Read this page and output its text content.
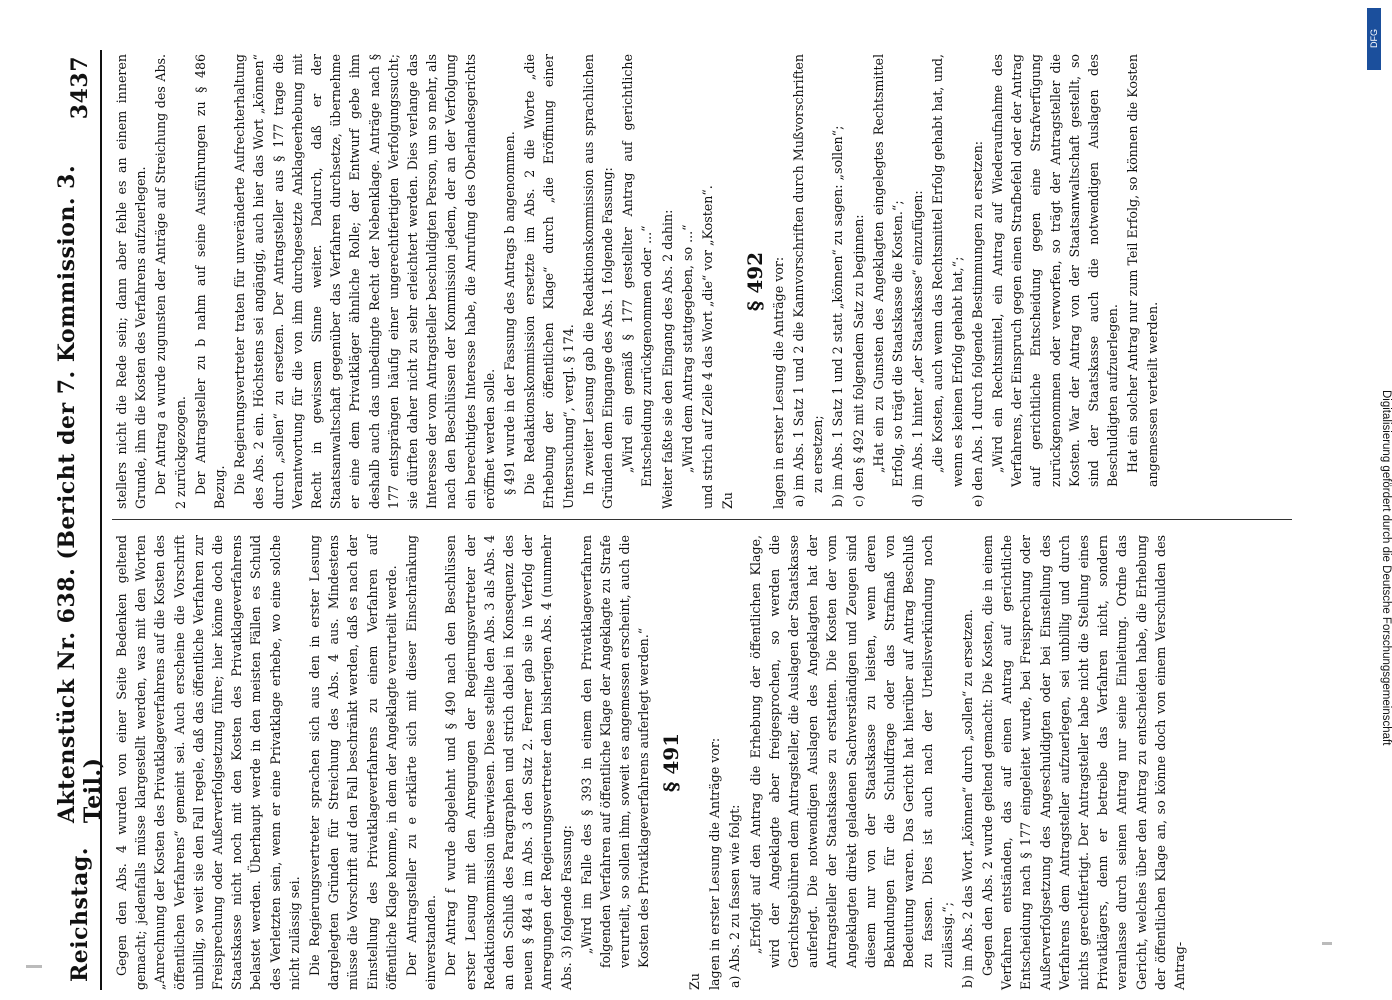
Reichstag.
Aktenstück Nr. 638. (Bericht der 7. Kommission. 3. Teil.)
3437

Gegen den Abs. 4 wurden von einer Seite Bedenken geltend gemacht; jedenfalls müsse klargestellt werden, was mit den Worten „Anrechnung der Kosten des Privatklageverfahrens auf die Kosten des öffentlichen Verfahrens“ gemeint sei. Auch erscheine die Vorschrift unbillig, so weit sie den Fall regele, daß das öffentliche Verfahren zur Freisprechung oder Außerverfolgsetzung führe; hier könne doch die Staatskasse nicht noch mit den Kosten des Privatklageverfahrens belastet werden. Überhaupt werde in den meisten Fällen es Schuld des Verletzten sein, wenn er eine Privatklage erhebe, wo eine solche nicht zulässig sei. Die Regierungsvertreter sprachen sich aus den in erster Lesung dargelegten Gründen für Streichung des Abs. 4 aus. Mindestens müsse die Vorschrift auf den Fall beschränkt werden, daß es nach der Einstellung des Privatklageverfahrens zu einem Verfahren auf öffentliche Klage komme, in dem der Angeklagte verurteilt werde. Der Antragsteller zu e erklärte sich mit dieser Einschränkung einverstanden. Der Antrag f wurde abgelehnt und § 490 nach den Beschlüssen erster Lesung mit den Anregungen der Regierungsvertreter der Redaktionskommission überwiesen. Diese stellte den Abs. 3 als Abs. 4 an den Schluß des Paragraphen und strich dabei in Konsequenz des neuen § 484 a im Abs. 3 den Satz 2. Ferner gab sie in Verfolg der Anregungen der Regierungsvertreter dem bisherigen Abs. 4 (nunmehr Abs. 3) folgende Fassung: „Wird im Falle des § 393 in einem den Privatklageverfahren folgenden Verfahren auf öffentliche Klage der Angeklagte zu Strafe verurteilt, so sollen ihm, soweit es angemessen erscheint, auch die Kosten des Privatklageverfahrens auferlegt werden.“ § 491

Zu lagen in erster Lesung die Anträge vor: a) Abs. 2 zu fassen wie folgt: „Erfolgt auf den Antrag die Erhebung der öffentlichen Klage, wird der Angeklagte aber freigesprochen, so werden die Gerichtsgebühren dem Antragsteller, die Auslagen der Staatskasse auferlegt. Die notwendigen Auslagen des Angeklagten hat der Antragsteller der Staatskasse zu erstatten. Die Kosten der vom Angeklagten direkt geladenen Sachverständigen und Zeugen sind diesem nur von der Staatskasse zu leisten, wenn deren Bekundungen für die Schuldfrage oder das Strafmaß von Bedeutung waren. Das Gericht hat hierüber auf Antrag Beschluß zu fassen. Dies ist auch nach der Urteilsverkündung noch zulässig.“; b) im Abs. 2 das Wort „können“ durch „sollen“ zu ersetzen. Gegen den Abs. 2 wurde geltend gemacht: Die Kosten, die in einem Verfahren entständen, das auf einen Antrag auf gerichtliche Entscheidung nach § 177 eingeleitet wurde, bei Freisprechung oder Außerverfolgsetzung des Angeschuldigten oder bei Einstellung des Verfahrens dem Antragsteller aufzuerlegen, sei unbillig und durch nichts gerechtfertigt. Der Antragsteller habe nicht die Stellung eines Privatklägers, denn er betreibe das Verfahren nicht, sondern veranlasse durch seinen Antrag nur seine Einleitung. Ordne das Gericht, welches über den Antrag zu entscheiden habe, die Erhebung der öffentlichen Klage an, so könne doch von einem Verschulden des Antrag-

stellers nicht die Rede sein; dann aber fehle es an einem inneren Grunde, ihm die Kosten des Verfahrens aufzuerlegen. Der Antrag a wurde zugunsten der Anträge auf Streichung des Abs. 2 zurückgezogen. Der Antragsteller zu b nahm auf seine Ausführungen zu § 486 Bezug. Die Regierungsvertreter traten für unveränderte Aufrechterhaltung des Abs. 2 ein. Höchstens sei angängig, auch hier das Wort „können“ durch „sollen“ zu ersetzen. Der Antragsteller aus § 177 trage die Verantwortung für die von ihm durchgesetzte Anklageerhebung mit Recht in gewissem Sinne weiter. Dadurch, daß er der Staatsanwaltschaft gegenüber das Verfahren durchsetze, übernehme er eine dem Privatkläger ähnliche Rolle; der Entwurf gebe ihm deshalb auch das unbedingte Recht der Nebenklage. Anträge nach § 177 entsprängen häufig einer ungerechtfertigten Verfolgungssucht; sie dürften daher nicht zu sehr erleichtert werden. Dies verlange das Interesse der vom Antragsteller beschuldigten Person, um so mehr, als nach den Beschlüssen der Kommission jedem, der an der Verfolgung ein berechtigtes Interesse habe, die Anrufung des Oberlandesgerichts eröffnet werden solle. § 491 wurde in der Fassung des Antrags b angenommen. Die Redaktionskommission ersetzte im Abs. 2 die Worte „die Erhebung der öffentlichen Klage“ durch „die Eröffnung einer Untersuchung“, vergl. § 174. In zweiter Lesung gab die Redaktionskommission aus sprachlichen Gründen dem Eingange des Abs. 1 folgende Fassung: „Wird ein gemäß § 177 gestellter Antrag auf gerichtliche Entscheidung zurückgenommen oder ...“ Weiter faßte sie den Eingang des Abs. 2 dahin: „Wird dem Antrag stattgegeben, so ...“ und strich auf Zeile 4 das Wort „die“ vor „Kosten“. Zu

§ 492 lagen in erster Lesung die Anträge vor: a) im Abs. 1 Satz 1 und 2 die Kannvorschriften durch Mußvorschriften zu ersetzen; b) im Abs. 1 Satz 1 und 2 statt „können“ zu sagen: „sollen“; c) den § 492 mit folgendem Satz zu beginnen: „Hat ein zu Gunsten des Angeklagten eingelegtes Rechtsmittel Erfolg, so trägt die Staatskasse die Kosten.“; d) im Abs. 1 hinter „der Staatskasse“ einzufügen: „die Kosten, auch wenn das Rechtsmittel Erfolg gehabt hat, und, wenn es keinen Erfolg gehabt hat,“; e) den Abs. 1 durch folgende Bestimmungen zu ersetzen: „Wird ein Rechtsmittel, ein Antrag auf Wiederaufnahme des Verfahrens, der Einspruch gegen einen Strafbefehl oder der Antrag auf gerichtliche Entscheidung gegen eine Strafverfügung zurückgenommen oder verworfen, so trägt der Antragsteller die Kosten. War der Antrag von der Staatsanwaltschaft gestellt, so sind der Staatskasse auch die notwendigen Auslagen des Beschuldigten aufzuerlegen. Hat ein solcher Antrag nur zum Teil Erfolg, so können die Kosten angemessen verteilt werden.

DFG
Digitalisierung gefördert durch die Deutsche Forschungsgemeinschaft
